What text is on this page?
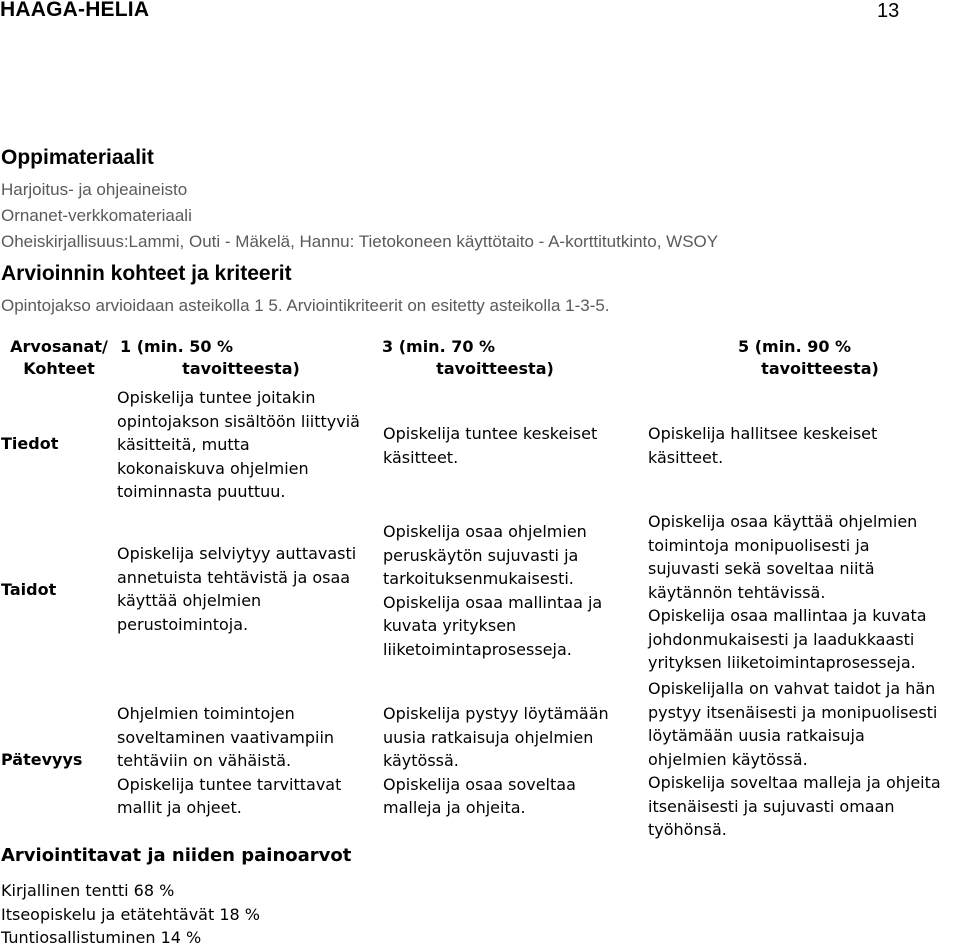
HAAGA-HELIA	13
Oppimateriaalit
Harjoitus- ja ohjeaineisto
Ornanet-verkkomateriaali
Oheiskirjallisuus:Lammi, Outi - Mäkelä, Hannu: Tietokoneen käyttötaito - A-korttitutkinto, WSOY
Arvioinnin kohteet ja kriteerit
Opintojakso arvioidaan asteikolla 1 5. Arviointikriteerit on esitetty asteikolla 1-3-5.
Arvosanat/
Kohteet
1 (min. 50 %
tavoitteesta)
3 (min. 70 %
tavoitteesta)
5 (min. 90 %
tavoitteesta)
Tiedot
Opiskelija tuntee joitakin
opintojakson sisältöön liittyviä
käsitteitä, mutta
kokonaiskuva ohjelmien
toiminnasta puuttuu.
Opiskelija tuntee keskeiset
käsitteet.
Opiskelija hallitsee keskeiset
käsitteet.
Taidot
Opiskelija selviytyy auttavasti
annetuista tehtävistä ja osaa
käyttää ohjelmien
perustoimintoja.
Opiskelija osaa ohjelmien
peruskäytön sujuvasti ja
tarkoituksenmukaisesti.
Opiskelija osaa mallintaa ja
kuvata yrityksen
liiketoimintaprosesseja.
Opiskelija osaa käyttää ohjelmien
toimintoja monipuolisesti ja
sujuvasti sekä soveltaa niitä
käytännön tehtävissä.
Opiskelija osaa mallintaa ja kuvata
johdonmukaisesti ja laadukkaasti
yrityksen liiketoimintaprosesseja.
Pätevyys
Ohjelmien toimintojen
soveltaminen vaativampiin
tehtäviin on vähäistä.
Opiskelija tuntee tarvittavat
mallit ja ohjeet.
Opiskelija pystyy löytämään
uusia ratkaisuja ohjelmien
käytössä.
Opiskelija osaa soveltaa
malleja ja ohjeita.
Opiskelijalla on vahvat taidot ja hän
pystyy itsenäisesti ja monipuolisesti
löytämään uusia ratkaisuja
ohjelmien käytössä.
Opiskelija soveltaa malleja ja ohjeita
itsenäisesti ja sujuvasti omaan
työhönsä.
Arviointitavat ja niiden painoarvot
Kirjallinen tentti 68 %
Itseopiskelu ja etätehtävät 18 %
Tuntiosallistuminen 14 %
